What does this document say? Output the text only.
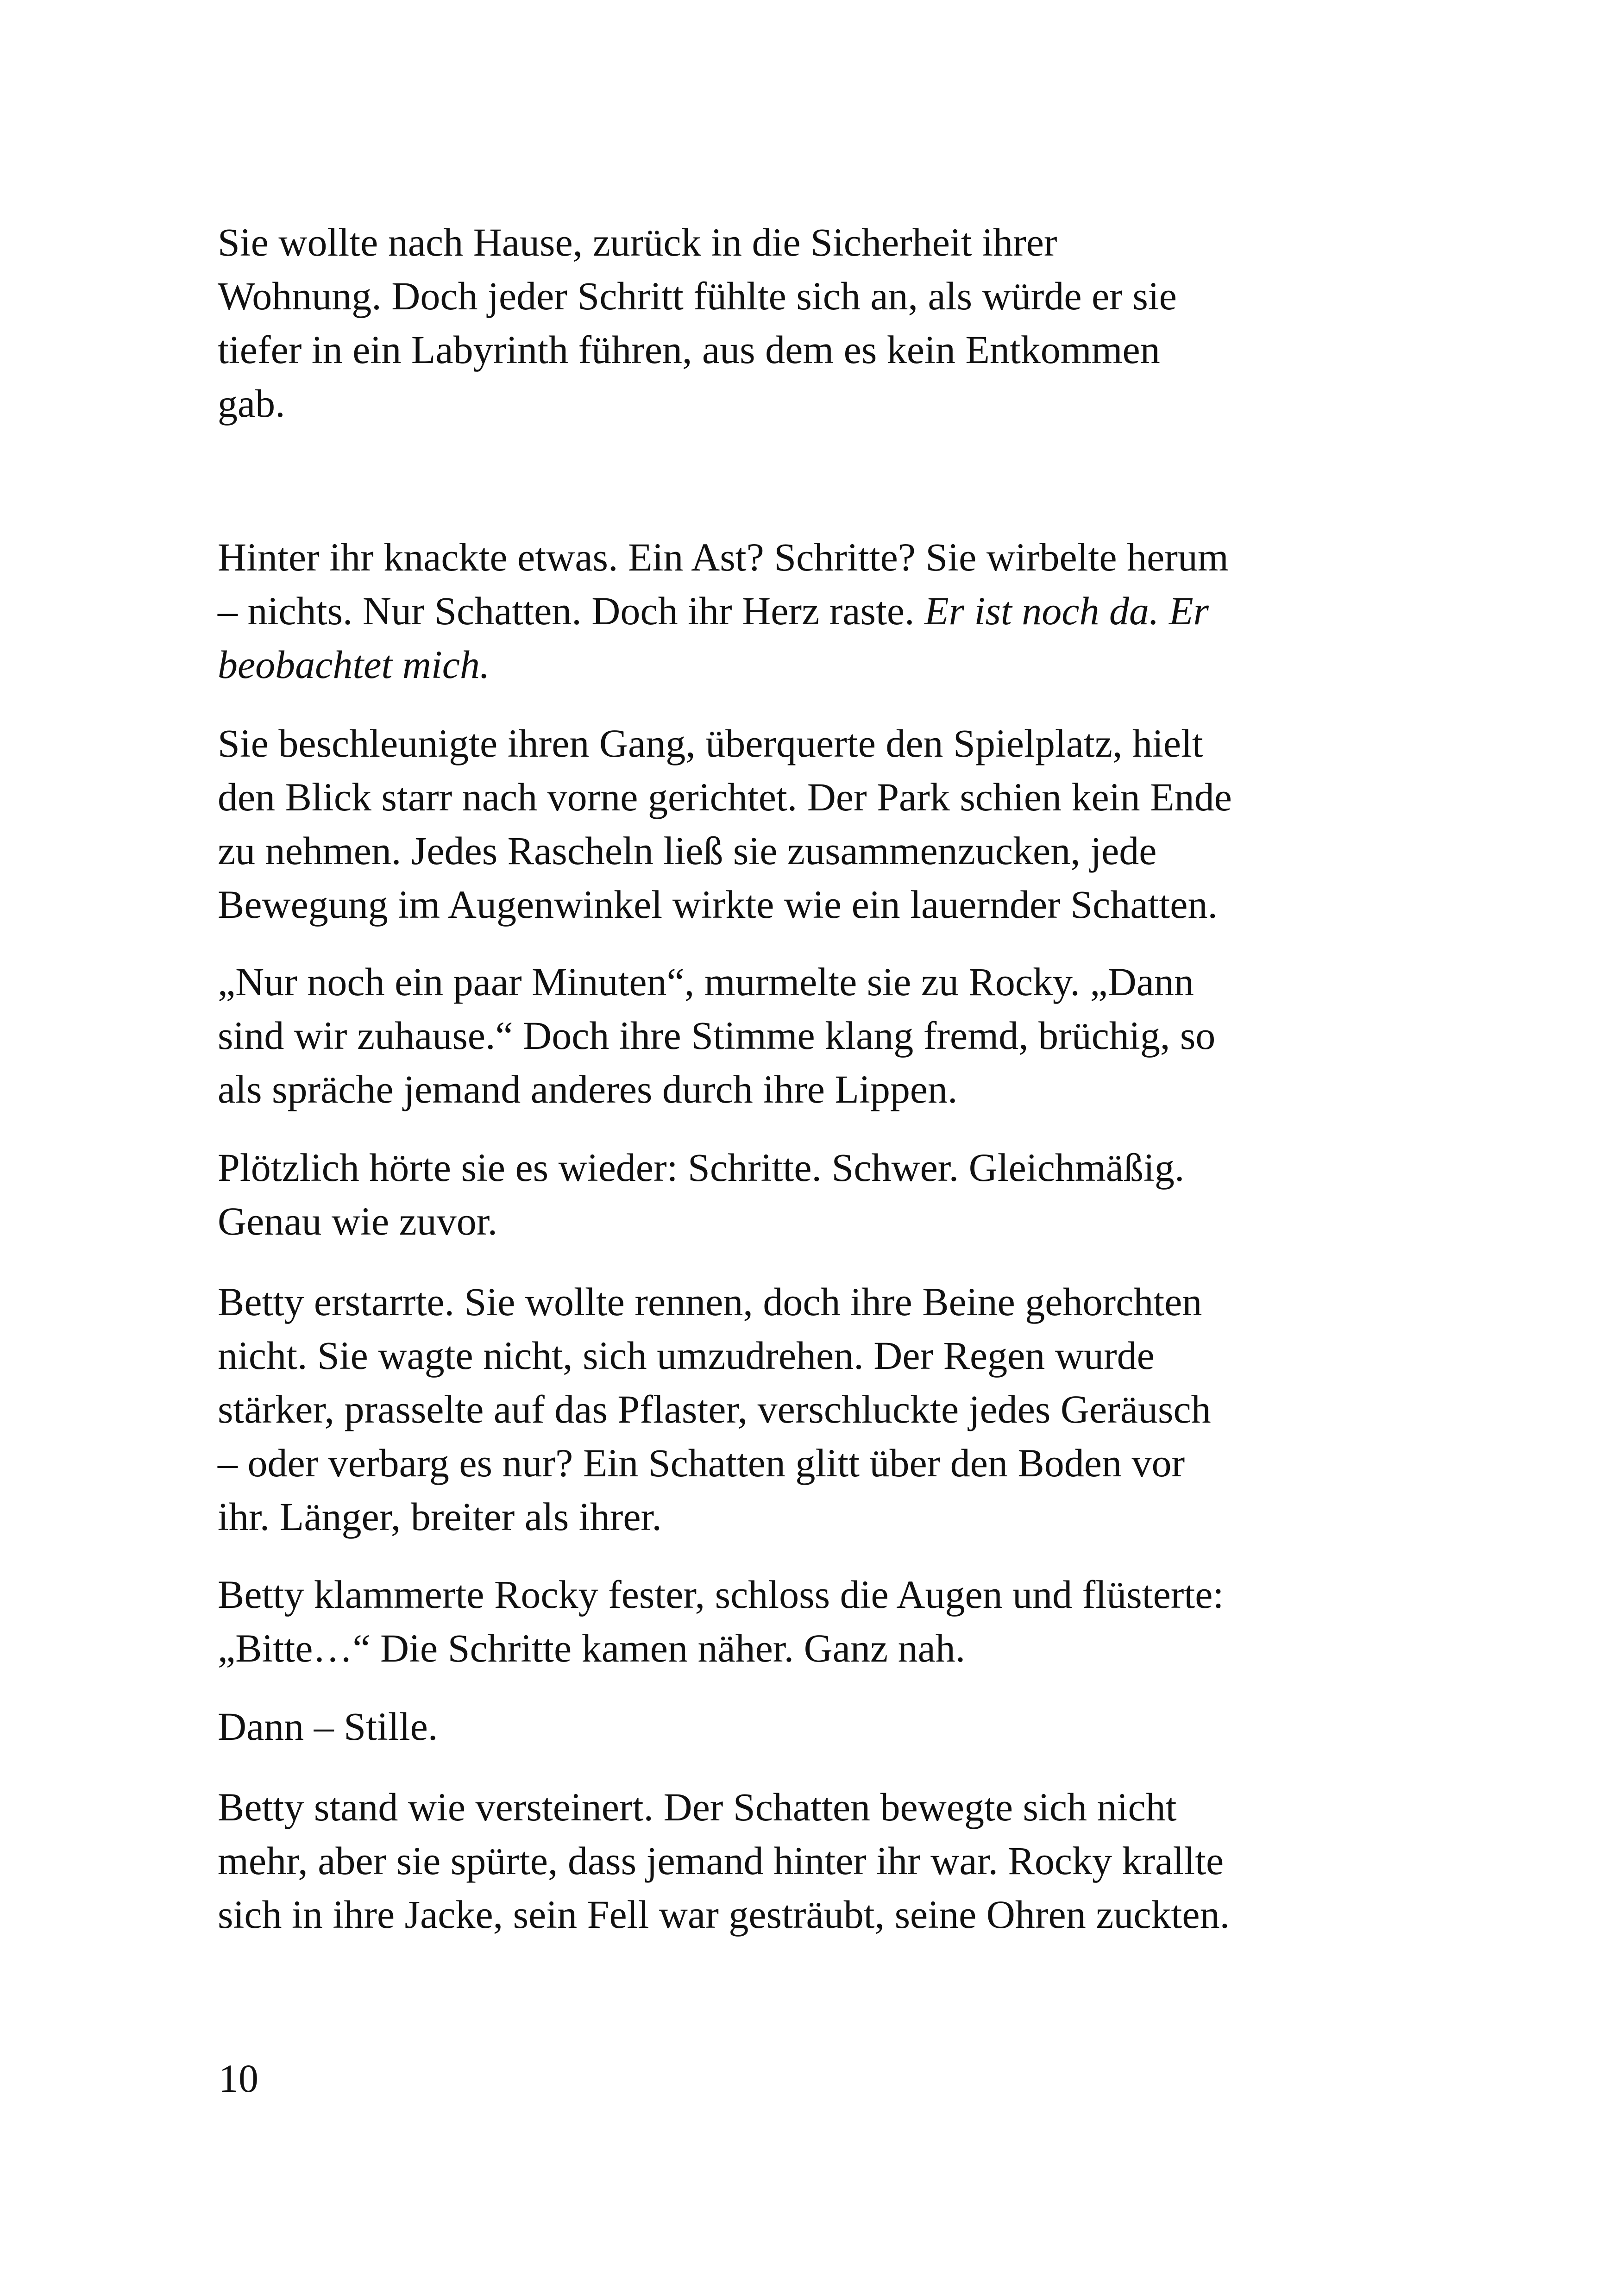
Sie wollte nach Hause, zurück in die Sicherheit ihrer
Wohnung. Doch jeder Schritt fühlte sich an, als würde er sie
tiefer in ein Labyrinth führen, aus dem es kein Entkommen
gab.
Hinter ihr knackte etwas. Ein Ast? Schritte? Sie wirbelte herum
– nichts. Nur Schatten. Doch ihr Herz raste. Er ist noch da. Er
beobachtet mich.
Sie beschleunigte ihren Gang, überquerte den Spielplatz, hielt
den Blick starr nach vorne gerichtet. Der Park schien kein Ende
zu nehmen. Jedes Rascheln ließ sie zusammenzucken, jede
Bewegung im Augenwinkel wirkte wie ein lauernder Schatten.
„Nur noch ein paar Minuten“, murmelte sie zu Rocky. „Dann
sind wir zuhause.“ Doch ihre Stimme klang fremd, brüchig, so
als spräche jemand anderes durch ihre Lippen.
Plötzlich hörte sie es wieder: Schritte. Schwer. Gleichmäßig.
Genau wie zuvor.
Betty erstarrte. Sie wollte rennen, doch ihre Beine gehorchten
nicht. Sie wagte nicht, sich umzudrehen. Der Regen wurde
stärker, prasselte auf das Pflaster, verschluckte jedes Geräusch
– oder verbarg es nur? Ein Schatten glitt über den Boden vor
ihr. Länger, breiter als ihrer.
Betty klammerte Rocky fester, schloss die Augen und flüsterte:
„Bitte…“ Die Schritte kamen näher. Ganz nah.
Dann – Stille.
Betty stand wie versteinert. Der Schatten bewegte sich nicht
mehr, aber sie spürte, dass jemand hinter ihr war. Rocky krallte
sich in ihre Jacke, sein Fell war gesträubt, seine Ohren zuckten.
10
